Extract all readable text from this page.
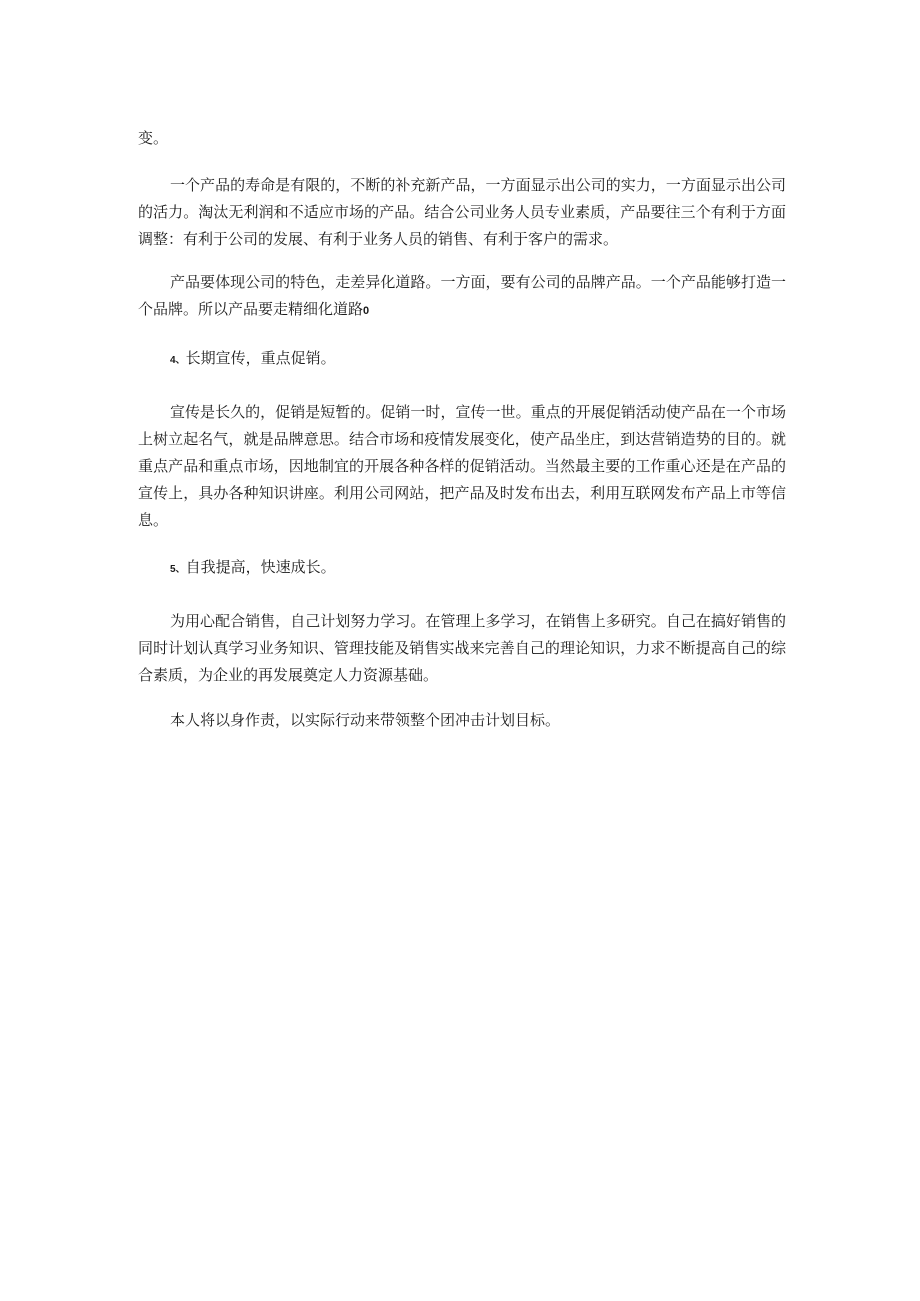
变。

一个产品的寿命是有限的，不断的补充新产品，一方面显示出公司的实力，一方面显示出公司的活力。淘汰无利润和不适应市场的产品。结合公司业务人员专业素质，产品要往三个有利于方面调整：有利于公司的发展、有利于业务人员的销售、有利于客户的需求。

产品要体现公司的特色，走差异化道路。一方面，要有公司的品牌产品。一个产品能够打造一个品牌。所以产品要走精细化道路0

4、长期宣传，重点促销。

宣传是长久的，促销是短暂的。促销一时，宣传一世。重点的开展促销活动使产品在一个市场上树立起名气，就是品牌意思。结合市场和疫情发展变化，使产品坐庄，到达营销造势的目的。就重点产品和重点市场，因地制宜的开展各种各样的促销活动。当然最主要的工作重心还是在产品的宣传上，具办各种知识讲座。利用公司网站，把产品及时发布出去，利用互联网发布产品上市等信息。

5、自我提高，快速成长。

为用心配合销售，自己计划努力学习。在管理上多学习，在销售上多研究。自己在搞好销售的同时计划认真学习业务知识、管理技能及销售实战来完善自己的理论知识，力求不断提高自己的综合素质，为企业的再发展奠定人力资源基础。

本人将以身作责，以实际行动来带领整个团冲击计划目标。
